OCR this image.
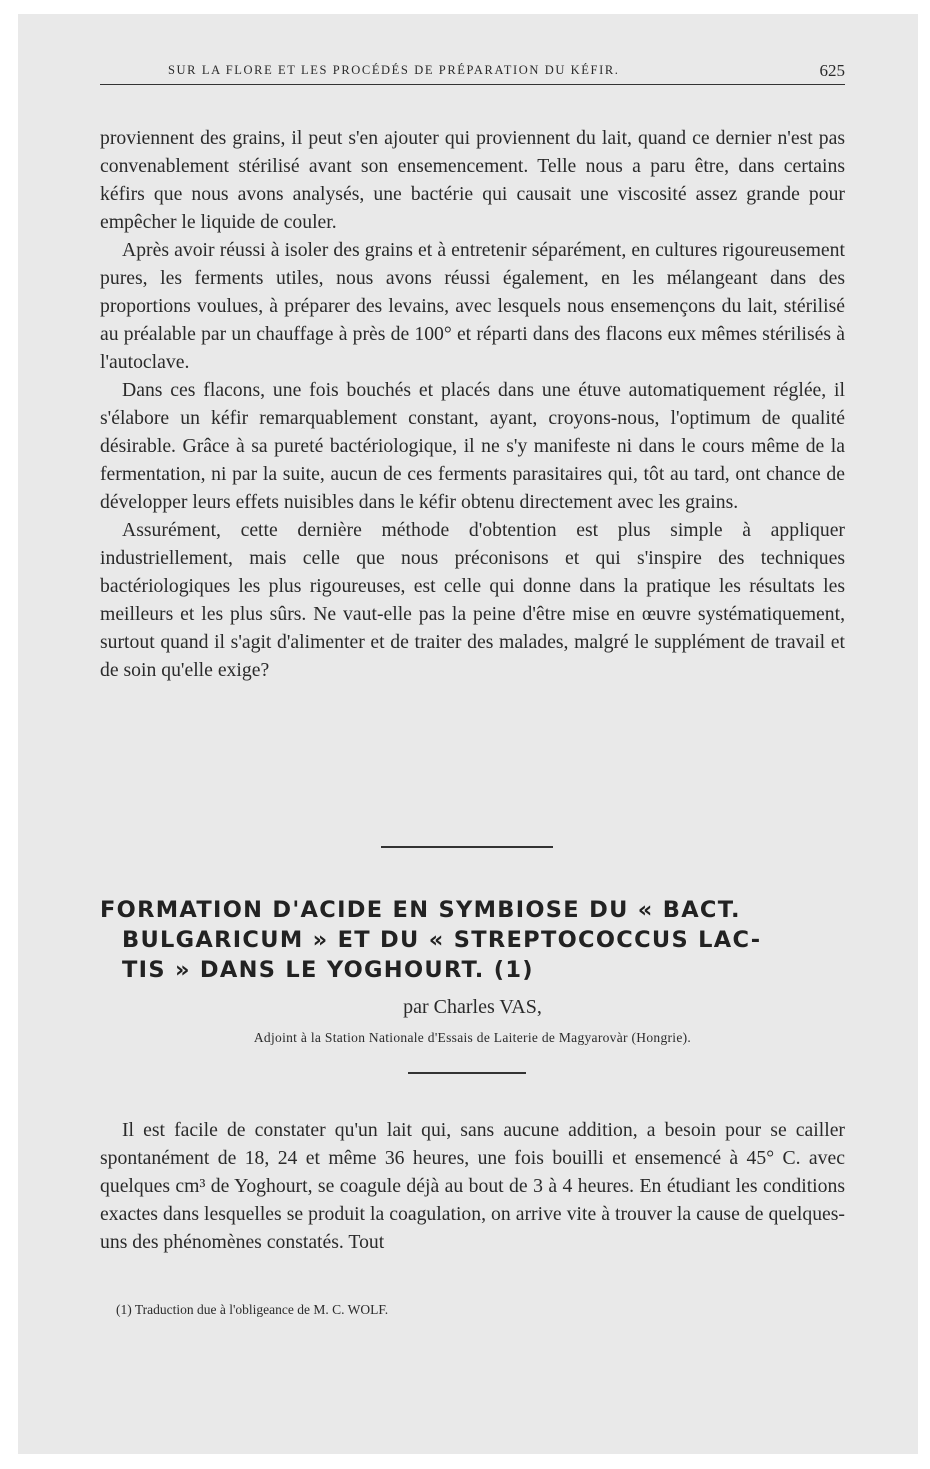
SUR LA FLORE ET LES PROCÉDÉS DE PRÉPARATION DU KÉFIR.	625

proviennent des grains, il peut s'en ajouter qui proviennent du lait, quand ce dernier n'est pas convenablement stérilisé avant son ensemencement. Telle nous a paru être, dans certains kéfirs que nous avons analysés, une bactérie qui causait une viscosité assez grande pour empêcher le liquide de couler.

Après avoir réussi à isoler des grains et à entretenir séparément, en cultures rigoureusement pures, les ferments utiles, nous avons réussi également, en les mélangeant dans des proportions voulues, à préparer des levains, avec lesquels nous ensemençons du lait, stérilisé au préalable par un chauffage à près de 100° et réparti dans des flacons eux mêmes stérilisés à l'autoclave.

Dans ces flacons, une fois bouchés et placés dans une étuve automatiquement réglée, il s'élabore un kéfir remarquablement constant, ayant, croyons-nous, l'optimum de qualité désirable. Grâce à sa pureté bactériologique, il ne s'y manifeste ni dans le cours même de la fermentation, ni par la suite, aucun de ces ferments parasitaires qui, tôt au tard, ont chance de développer leurs effets nuisibles dans le kéfir obtenu directement avec les grains.

Assurément, cette dernière méthode d'obtention est plus simple à appliquer industriellement, mais celle que nous préconisons et qui s'inspire des techniques bactériologiques les plus rigoureuses, est celle qui donne dans la pratique les résultats les meilleurs et les plus sûrs. Ne vaut-elle pas la peine d'être mise en œuvre systématiquement, surtout quand il s'agit d'alimenter et de traiter des malades, malgré le supplément de travail et de soin qu'elle exige?

FORMATION D'ACIDE EN SYMBIOSE DU « BACT.
BULGARICUM » ET DU « STREPTOCOCCUS LAC-
TIS » DANS LE YOGHOURT. (1)
par Charles VAS,
Adjoint à la Station Nationale d'Essais de Laiterie de Magyarovàr (Hongrie).

Il est facile de constater qu'un lait qui, sans aucune addition, a besoin pour se cailler spontanément de 18, 24 et même 36 heures, une fois bouilli et ensemencé à 45° C. avec quelques cm³ de Yoghourt, se coagule déjà au bout de 3 à 4 heures. En étudiant les conditions exactes dans lesquelles se produit la coagulation, on arrive vite à trouver la cause de quelques-uns des phénomènes constatés. Tout

(1) Traduction due à l'obligeance de M. C. WOLF.
